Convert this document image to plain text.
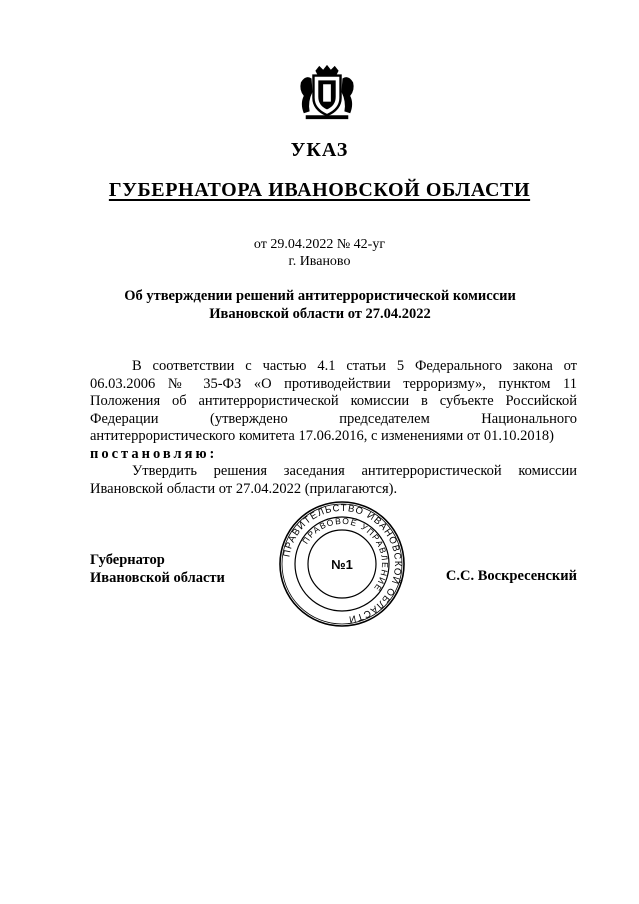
УКАЗ
ГУБЕРНАТОРА ИВАНОВСКОЙ ОБЛАСТИ
от 29.04.2022 № 42-уг
г. Иваново
Об утверждении решений антитеррористической комиссии
Ивановской области от 27.04.2022

В соответствии с частью 4.1 статьи 5 Федерального закона от 06.03.2006 № 35-ФЗ «О противодействии терроризму», пунктом 11 Положения об антитеррористической комиссии в субъекте Российской Федерации (утверждено председателем Национального антитеррористического комитета 17.06.2016, с изменениями от 01.10.2018)

постановляю:

Утвердить решения заседания антитеррористической комиссии Ивановской области от 27.04.2022 (прилагаются).

Губернатор
Ивановской области	С.С. Воскресенский
ПРАВИТЕЛЬСТВО ИВАНОВСКОЙ ОБЛАСТИ
ПРАВОВОЕ УПРАВЛЕНИЕ
№1
